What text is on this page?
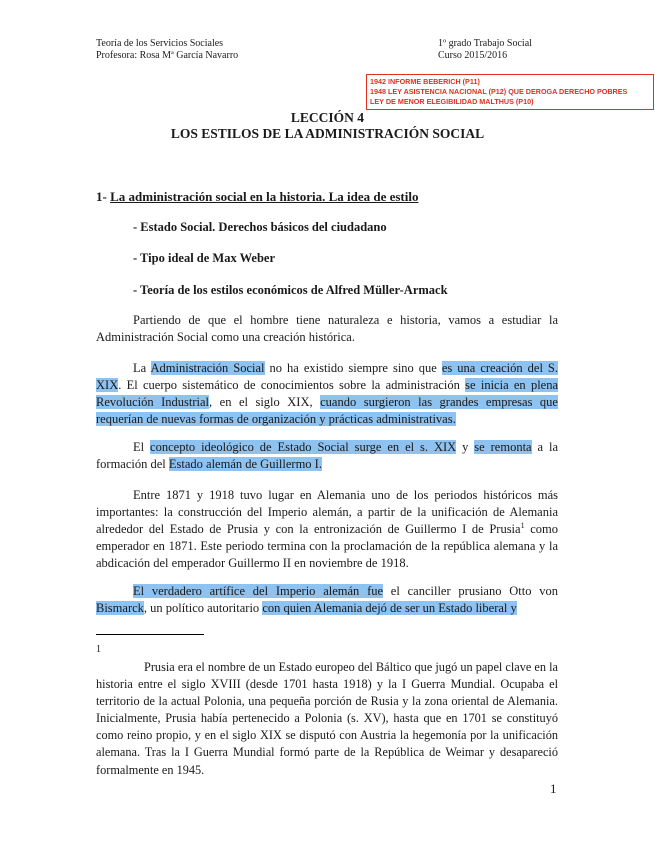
Teoría de los Servicios Sociales
Profesora: Rosa Mª García Navarro
1º grado Trabajo Social
Curso 2015/2016
1942 INFORME BEBERICH (P11)
1948 LEY ASISTENCIA NACIONAL (P12) QUE DEROGA DERECHO POBRES
LEY DE MENOR ELEGIBILIDAD MALTHUS (P10)
LECCIÓN 4
LOS ESTILOS DE LA ADMINISTRACIÓN SOCIAL
1- La administración social en la historia. La idea de estilo
- Estado Social. Derechos básicos del ciudadano
- Tipo ideal de Max Weber
- Teoría de los estilos económicos de Alfred Müller-Armack

Partiendo de que el hombre tiene naturaleza e historia, vamos a estudiar la Administración Social como una creación histórica.

La Administración Social no ha existido siempre sino que es una creación del S. XIX. El cuerpo sistemático de conocimientos sobre la administración se inicia en plena Revolución Industrial, en el siglo XIX, cuando surgieron las grandes empresas que requerían de nuevas formas de organización y prácticas administrativas.

El concepto ideológico de Estado Social surge en el s. XIX y se remonta a la formación del Estado alemán de Guillermo I.

Entre 1871 y 1918 tuvo lugar en Alemania uno de los periodos históricos más importantes: la construcción del Imperio alemán, a partir de la unificación de Alemania alrededor del Estado de Prusia y con la entronización de Guillermo I de Prusia$^1$ como emperador en 1871. Este periodo termina con la proclamación de la república alemana y la abdicación del emperador Guillermo II en noviembre de 1918.

El verdadero artífice del Imperio alemán fue el canciller prusiano Otto von Bismarck, un político autoritario con quien Alemania dejó de ser un Estado liberal y

1

Prusia era el nombre de un Estado europeo del Báltico que jugó un papel clave en la historia entre el siglo XVIII (desde 1701 hasta 1918) y la I Guerra Mundial. Ocupaba el territorio de la actual Polonia, una pequeña porción de Rusia y la zona oriental de Alemania. Inicialmente, Prusia había pertenecido a Polonia (s. XV), hasta que en 1701 se constituyó como reino propio, y en el siglo XIX se disputó con Austria la hegemonía por la unificación alemana. Tras la I Guerra Mundial formó parte de la República de Weimar y desapareció formalmente en 1945.

1
